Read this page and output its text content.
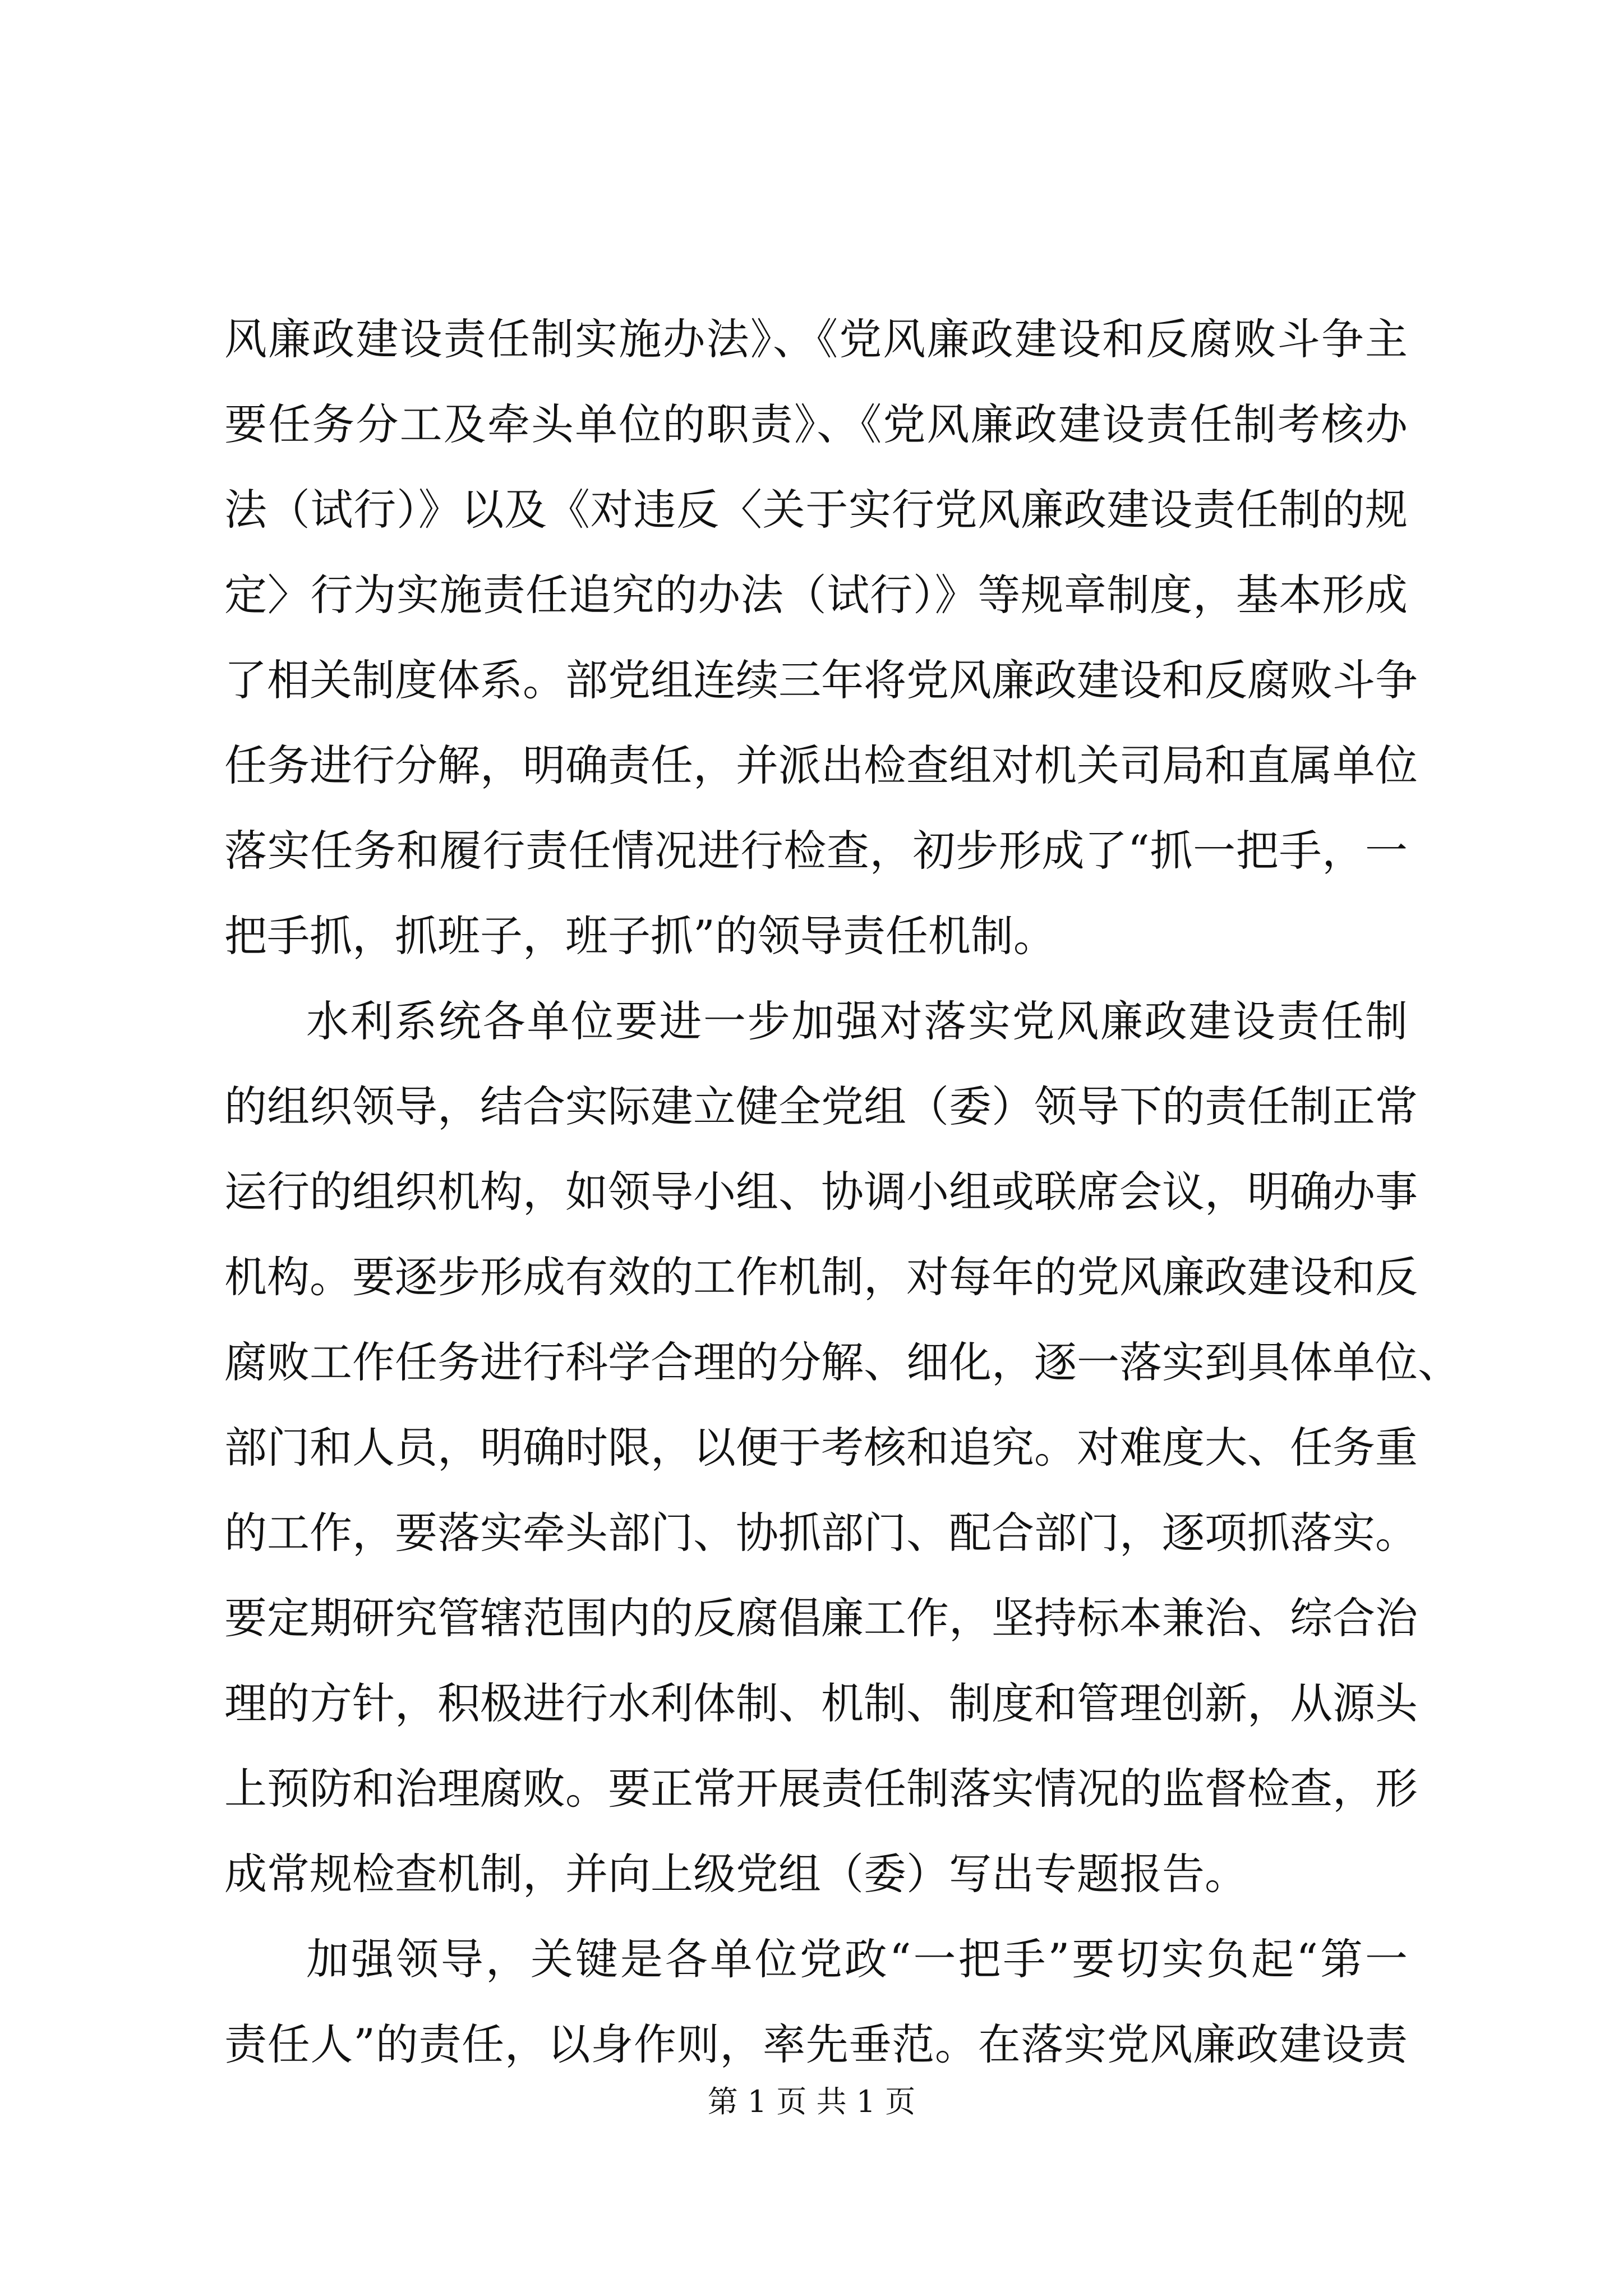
风廉政建设责任制实施办法》、《党风廉政建设和反腐败斗争主
要任务分工及牵头单位的职责》、《党风廉政建设责任制考核办
法（试行）》以及《对违反〈关于实行党风廉政建设责任制的规
定〉行为实施责任追究的办法（试行）》等规章制度，基本形成
了相关制度体系。部党组连续三年将党风廉政建设和反腐败斗争
任务进行分解，明确责任，并派出检查组对机关司局和直属单位
落实任务和履行责任情况进行检查，初步形成了“抓一把手，一
把手抓，抓班子，班子抓”的领导责任机制。
水利系统各单位要进一步加强对落实党风廉政建设责任制
的组织领导，结合实际建立健全党组（委）领导下的责任制正常
运行的组织机构，如领导小组、协调小组或联席会议，明确办事
机构。要逐步形成有效的工作机制，对每年的党风廉政建设和反
腐败工作任务进行科学合理的分解、细化，逐一落实到具体单位、
部门和人员，明确时限，以便于考核和追究。对难度大、任务重
的工作，要落实牵头部门、协抓部门、配合部门，逐项抓落实。
要定期研究管辖范围内的反腐倡廉工作，坚持标本兼治、综合治
理的方针，积极进行水利体制、机制、制度和管理创新，从源头
上预防和治理腐败。要正常开展责任制落实情况的监督检查，形
成常规检查机制，并向上级党组（委）写出专题报告。
加强领导，关键是各单位党政“一把手”要切实负起“第一
责任人”的责任，以身作则，率先垂范。在落实党风廉政建设责
第 1 页 共 1 页
